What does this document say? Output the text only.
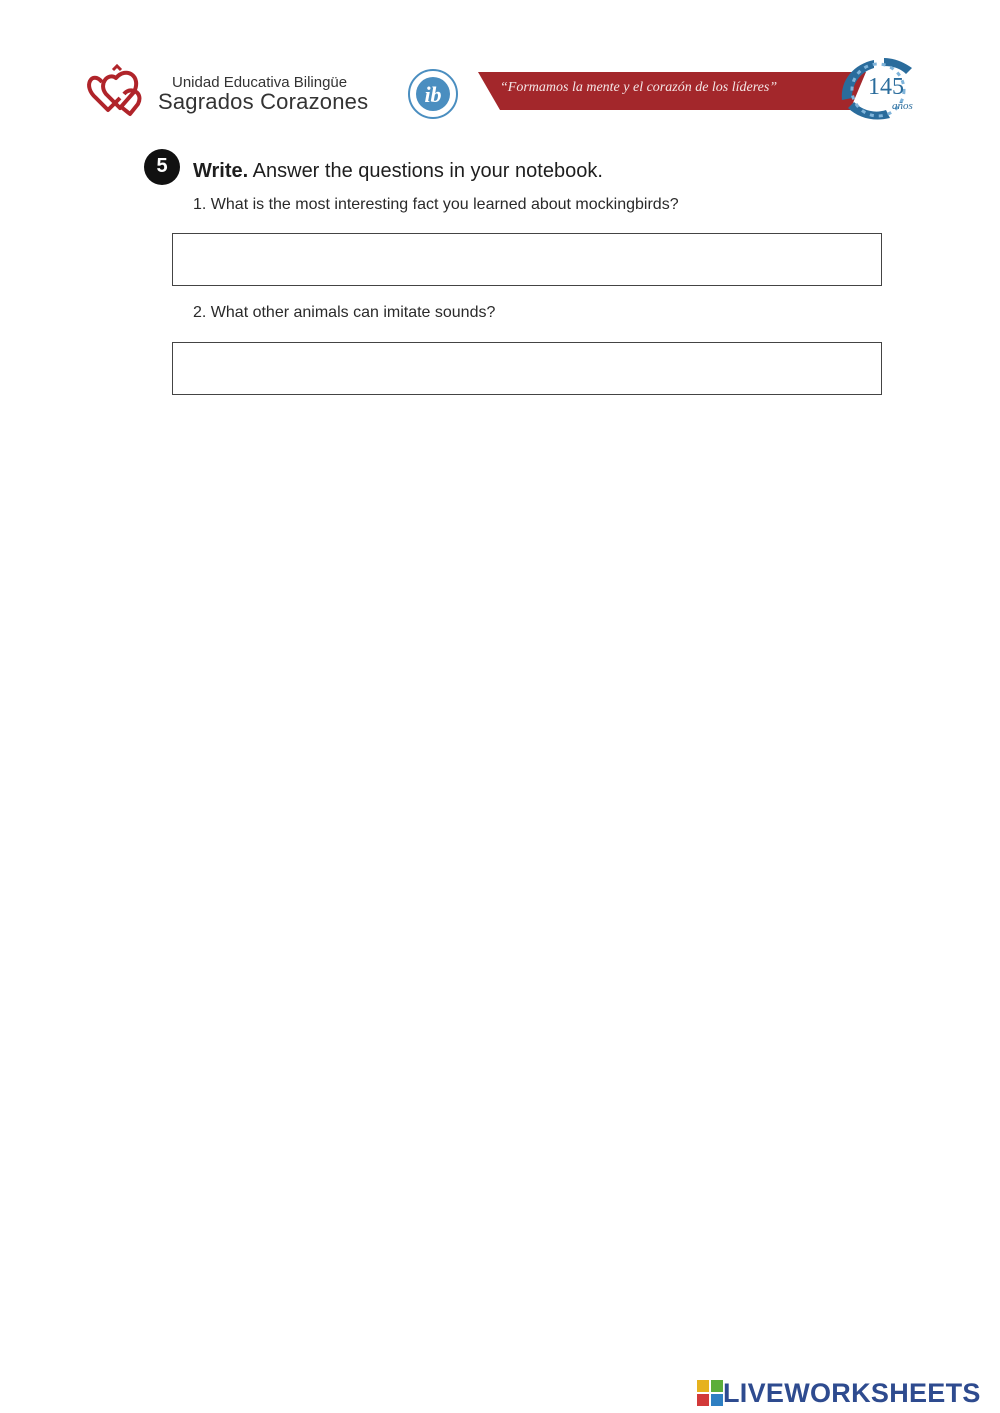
Unidad Educativa Bilingüe
Sagrados Corazones	ib	“Formamos la mente y el corazón de los líderes”	145
años
5	Write. Answer the questions in your notebook.
1. What is the most interesting fact you learned about mockingbirds?
2. What other animals can imitate sounds?
LIVEWORKSHEETS
